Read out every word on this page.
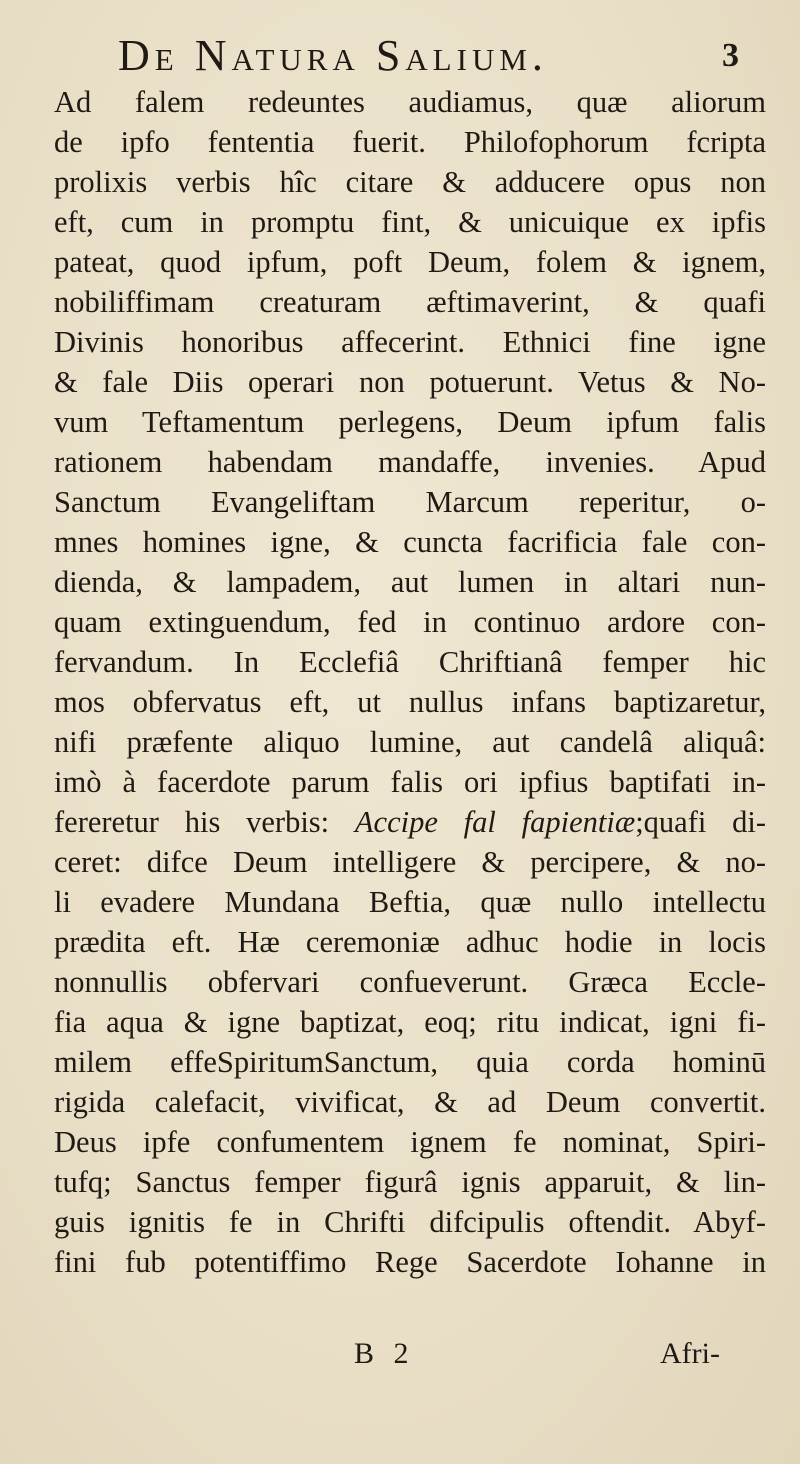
De Natura Salium.	3
Ad falem redeuntes audiamus, quæ aliorum
de ipfo fententia fuerit. Philofophorum fcripta
prolixis verbis hîc citare & adducere opus non
eft, cum in promptu fint, & unicuique ex ipfis
pateat, quod ipfum, poft Deum, folem & ignem,
nobiliffimam creaturam æftimaverint, & quafi
Divinis honoribus affecerint. Ethnici fine igne
& fale Diis operari non potuerunt. Vetus & No-
vum Teftamentum perlegens, Deum ipfum falis
rationem habendam mandaffe, invenies. Apud
Sanctum Evangeliftam Marcum reperitur, o-
mnes homines igne, & cuncta facrificia fale con-
dienda, & lampadem, aut lumen in altari nun-
quam extinguendum, fed in continuo ardore con-
fervandum. In Ecclefiâ Chriftianâ femper hic
mos obfervatus eft, ut nullus infans baptizaretur,
nifi præfente aliquo lumine, aut candelâ aliquâ:
imò à facerdote parum falis ori ipfius baptifati in-
fereretur his verbis: Accipe fal fapientiæ;quafi di-
ceret: difce Deum intelligere & percipere, & no-
li evadere Mundana Beftia, quæ nullo intellectu
prædita eft. Hæ ceremoniæ adhuc hodie in locis
nonnullis obfervari confueverunt. Græca Eccle-
fia aqua & igne baptizat, eoq; ritu indicat, igni fi-
milem effeSpiritumSanctum, quia corda hominū
rigida calefacit, vivificat, & ad Deum convertit.
Deus ipfe confumentem ignem fe nominat, Spiri-
tufq; Sanctus femper figurâ ignis apparuit, & lin-
guis ignitis fe in Chrifti difcipulis oftendit. Abyf-
fini fub potentiffimo Rege Sacerdote Iohanne in
B 2	Afri-
